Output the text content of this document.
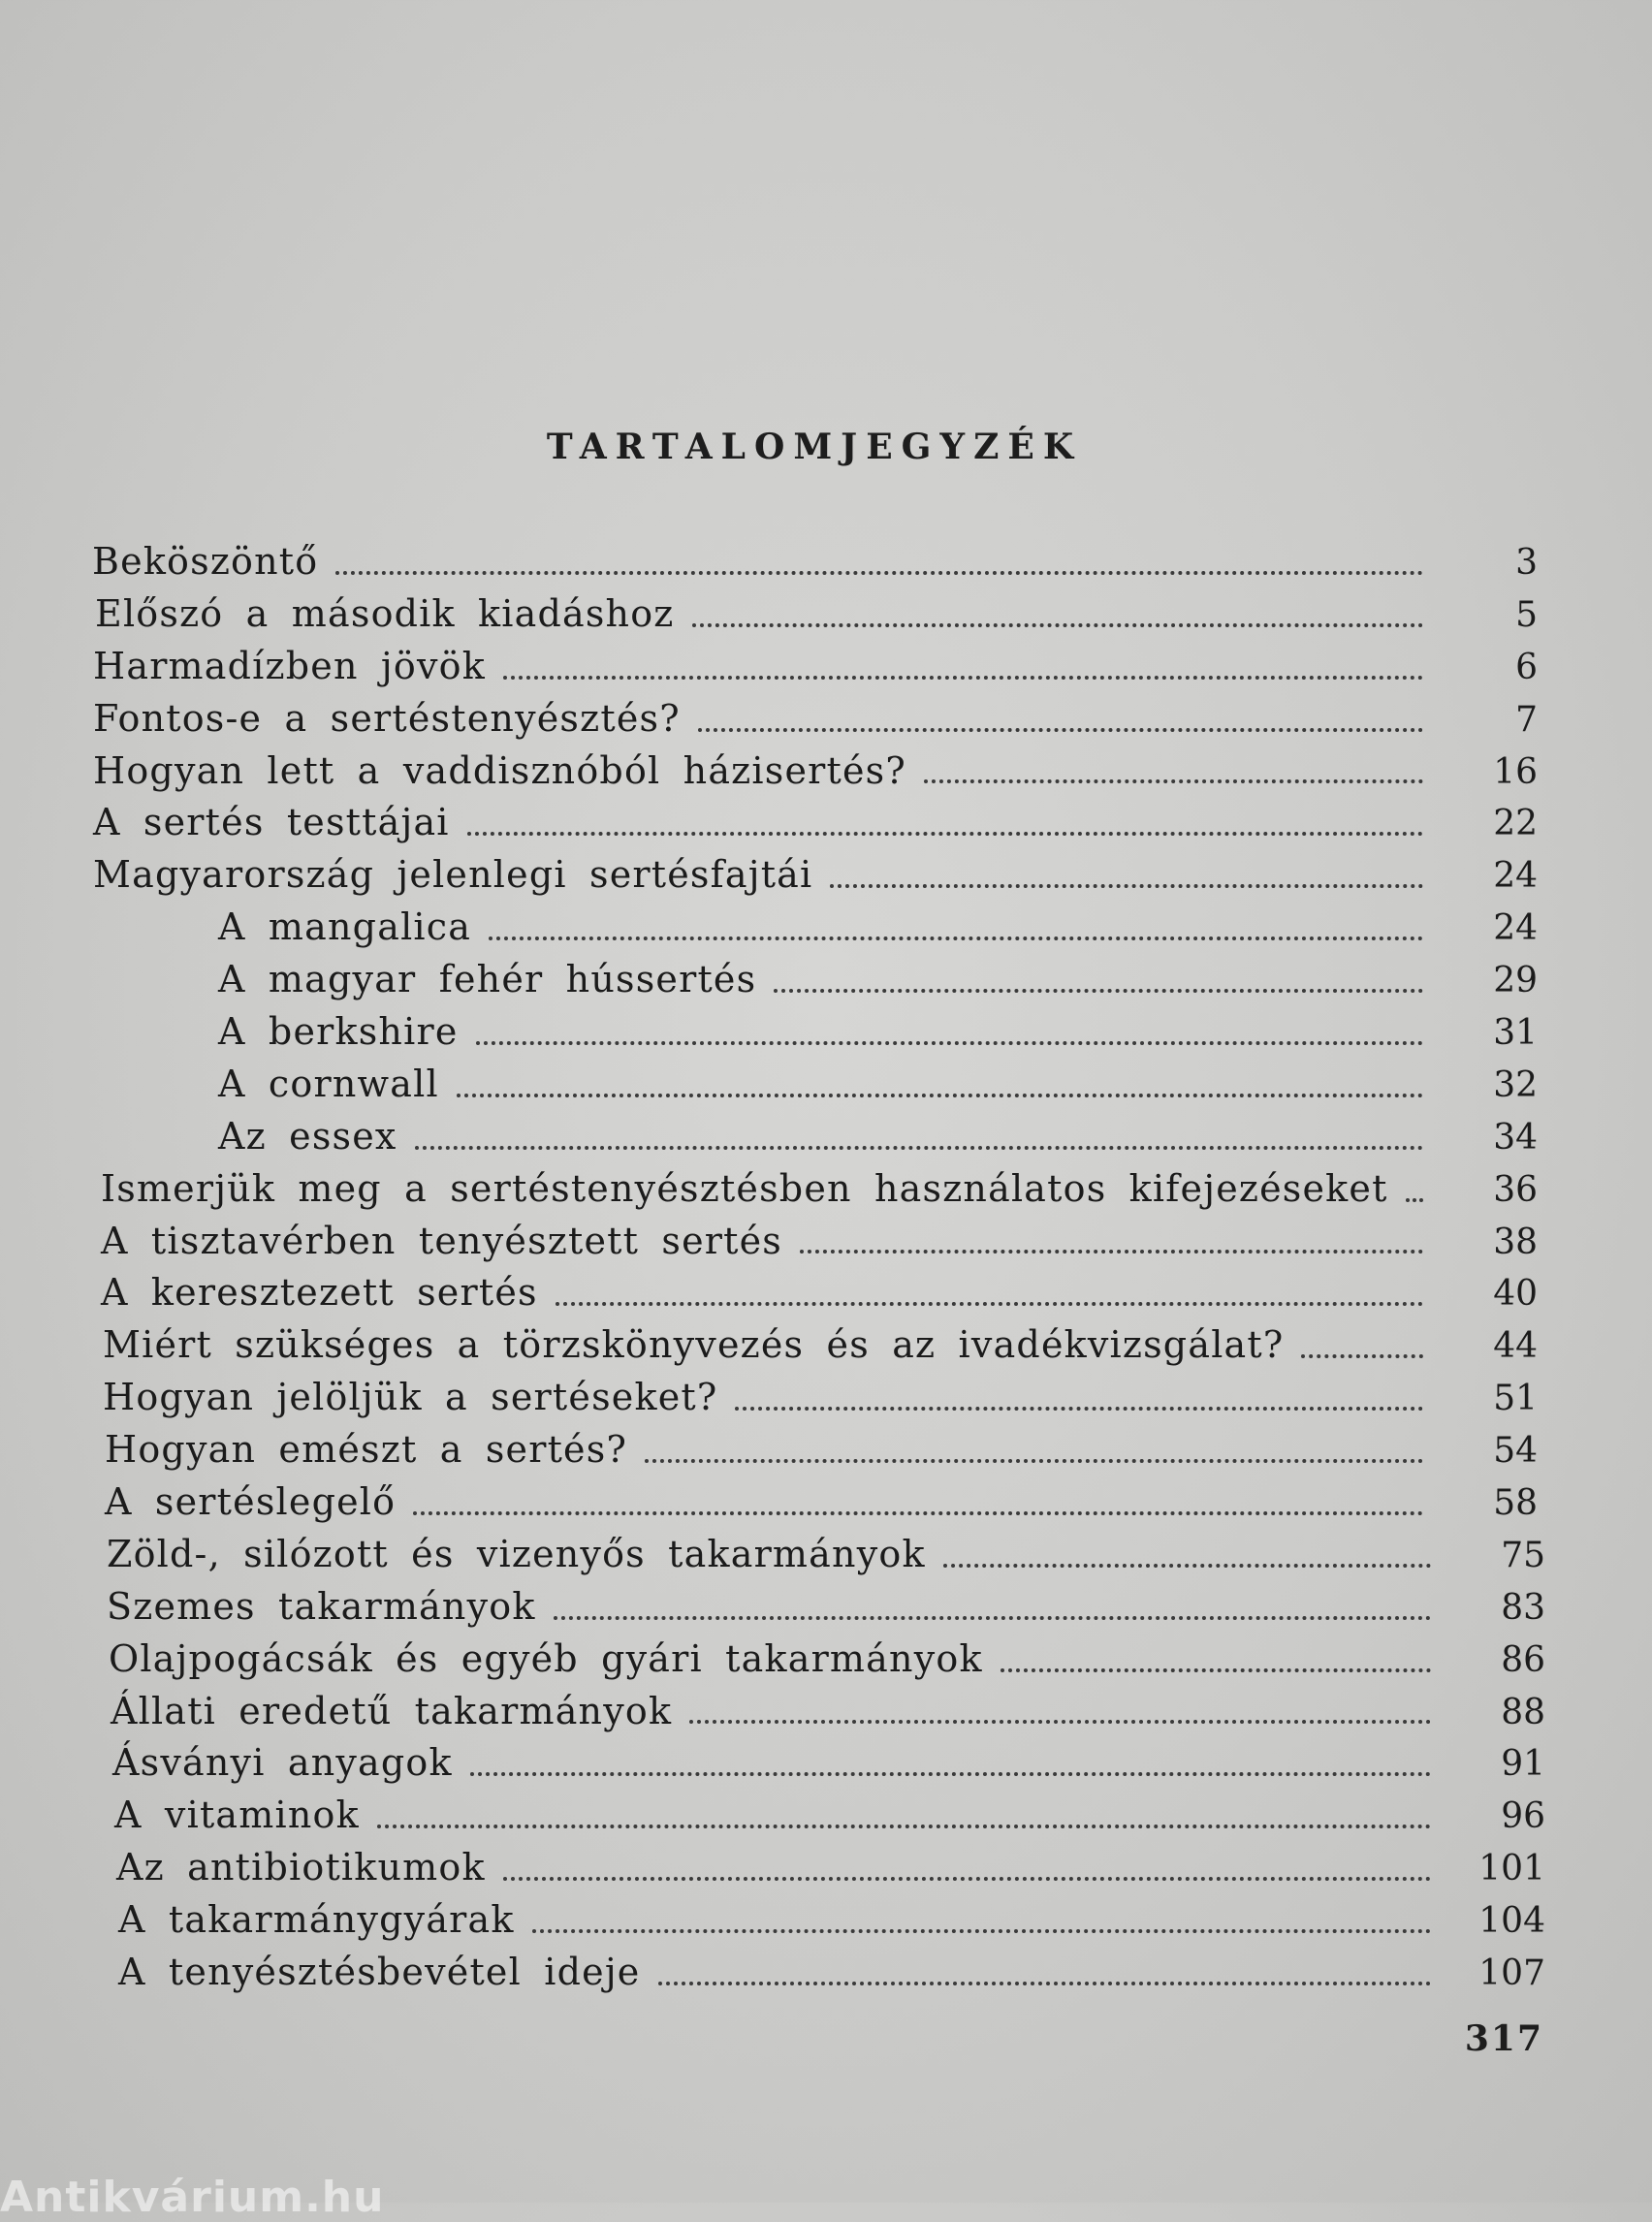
TARTALOMJEGYZÉK
Beköszöntő	3
Előszó a második kiadáshoz	5
Harmadízben jövök	6
Fontos-e a sertéstenyésztés?	7
Hogyan lett a vaddisznóból házisertés?	16
A sertés testtájai	22
Magyarország jelenlegi sertésfajtái	24
A mangalica	24
A magyar fehér hússertés	29
A berkshire	31
A cornwall	32
Az essex	34
Ismerjük meg a sertéstenyésztésben használatos kifejezéseket	36
A tisztavérben tenyésztett sertés	38
A keresztezett sertés	40
Miért szükséges a törzskönyvezés és az ivadékvizsgálat?	44
Hogyan jelöljük a sertéseket?	51
Hogyan emészt a sertés?	54
A sertéslegelő	58
Zöld-, silózott és vizenyős takarmányok	75
Szemes takarmányok	83
Olajpogácsák és egyéb gyári takarmányok	86
Állati eredetű takarmányok	88
Ásványi anyagok	91
A vitaminok	96
Az antibiotikumok	101
A takarmánygyárak	104
A tenyésztésbevétel ideje	107
317
Antikvárium.hu
